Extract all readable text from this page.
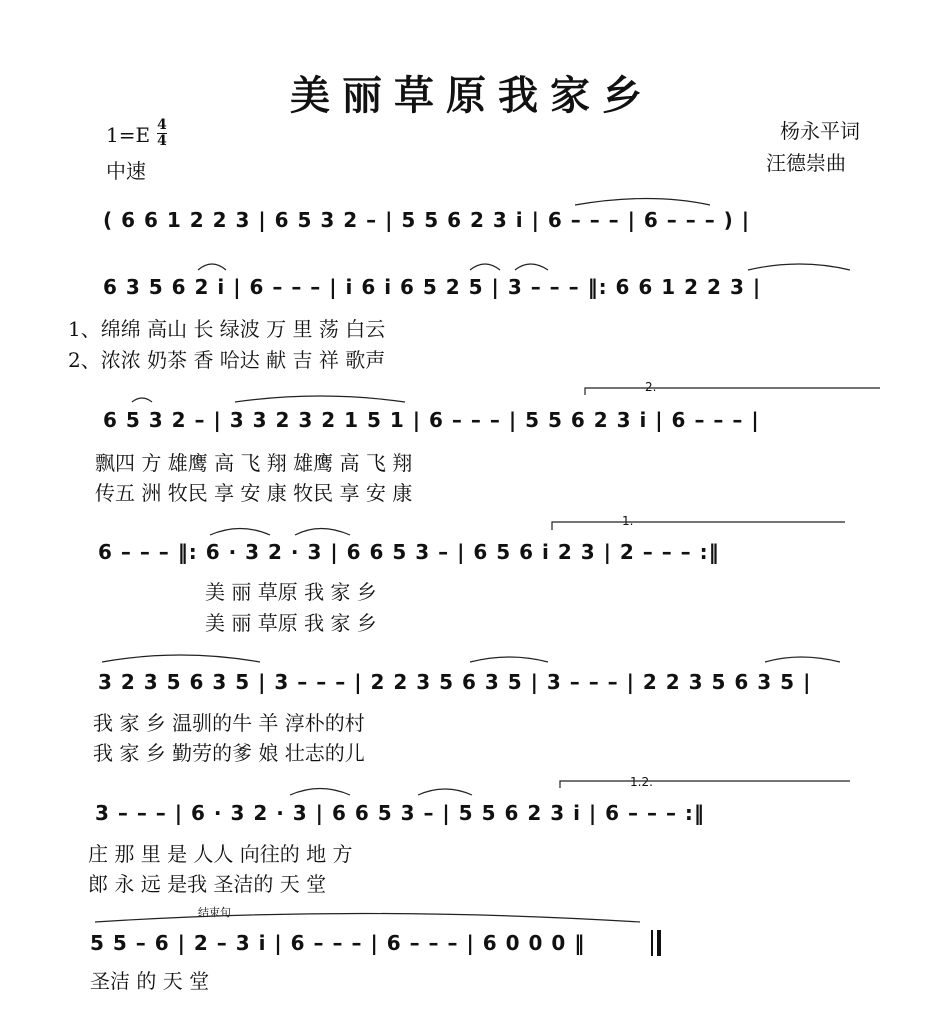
美丽草原我家乡
1=E 4
4
中速
杨永平词
汪德崇曲
( 6 6 1 2 2 3 | 6 5 3 2 – | 5 5 6 2 3 i | 6 – – – | 6 – – – ) |
6 3 5 6 2 i | 6 – – – | i 6 i 6 5 2 5 | 3 – – – ‖: 6 6 1 2 2 3 |
1、绵绵 高山 长 绿波 万 里 荡 白云
2、浓浓 奶茶 香 哈达 献 吉 祥 歌声
6 5 3 2 – | 3 3 2 3 2 1 5 1 | 6 – – – | 5 5 6 2 3 i | 6 – – – |
飘四 方 雄鹰 高 飞 翔 雄鹰 高 飞 翔
传五 洲 牧民 享 安 康 牧民 享 安 康
6 – – – ‖: 6 · 3 2 · 3 | 6 6 5 3 – | 6 5 6 i 2 3 | 2 – – – :‖
美 丽 草原 我 家 乡
美 丽 草原 我 家 乡
3 2 3 5 6 3 5 | 3 – – – | 2 2 3 5 6 3 5 | 3 – – – | 2 2 3 5 6 3 5 |
我 家 乡 温驯的牛 羊 淳朴的村
我 家 乡 勤劳的爹 娘 壮志的儿
3 – – – | 6 · 3 2 · 3 | 6 6 5 3 – | 5 5 6 2 3 i | 6 – – – :‖
庄 那 里 是 人人 向往的 地 方
郎 永 远 是我 圣洁的 天 堂
5 5 – 6 | 2 – 3 i | 6 – – – | 6 – – – | 6 0 0 0 ‖
圣洁 的 天 堂
2.
1.
1.2.
结束句
